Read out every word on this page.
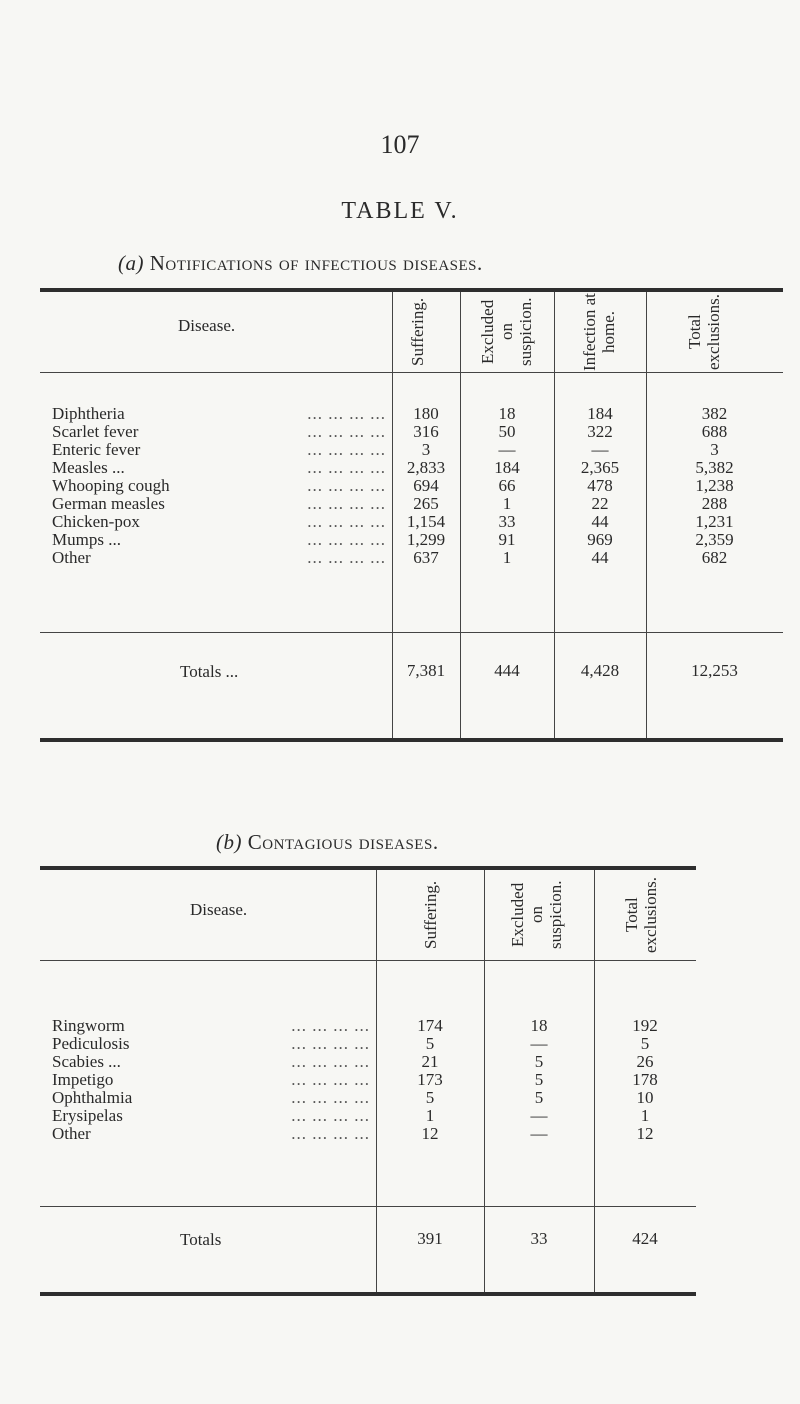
107
TABLE V.
(a) Notifications of infectious diseases.
Disease.	Suffering.	Excluded
on
suspicion.	Infection at
home.	Total
exclusions.
Diphtheria	... ... ... ...	180	18	184	382
Scarlet fever	... ... ... ...	316	50	322	688
Enteric fever	... ... ... ...	3	—	—	3
Measles ...	... ... ... ...	2,833	184	2,365	5,382
Whooping cough	... ... ... ...	694	66	478	1,238
German measles	... ... ... ...	265	1	22	288
Chicken-pox	... ... ... ...	1,154	33	44	1,231
Mumps ...	... ... ... ...	1,299	91	969	2,359
Other	... ... ... ...	637	1	44	682
Totals ...	7,381	444	4,428	12,253
(b) Contagious diseases.
Disease.	Suffering.	Excluded
on
suspicion.	Total
exclusions.
Ringworm	... ... ... ...	174	18	192
Pediculosis	... ... ... ...	5	—	5
Scabies ...	... ... ... ...	21	5	26
Impetigo	... ... ... ...	173	5	178
Ophthalmia	... ... ... ...	5	5	10
Erysipelas	... ... ... ...	1	—	1
Other	... ... ... ...	12	—	12
Totals	391	33	424
